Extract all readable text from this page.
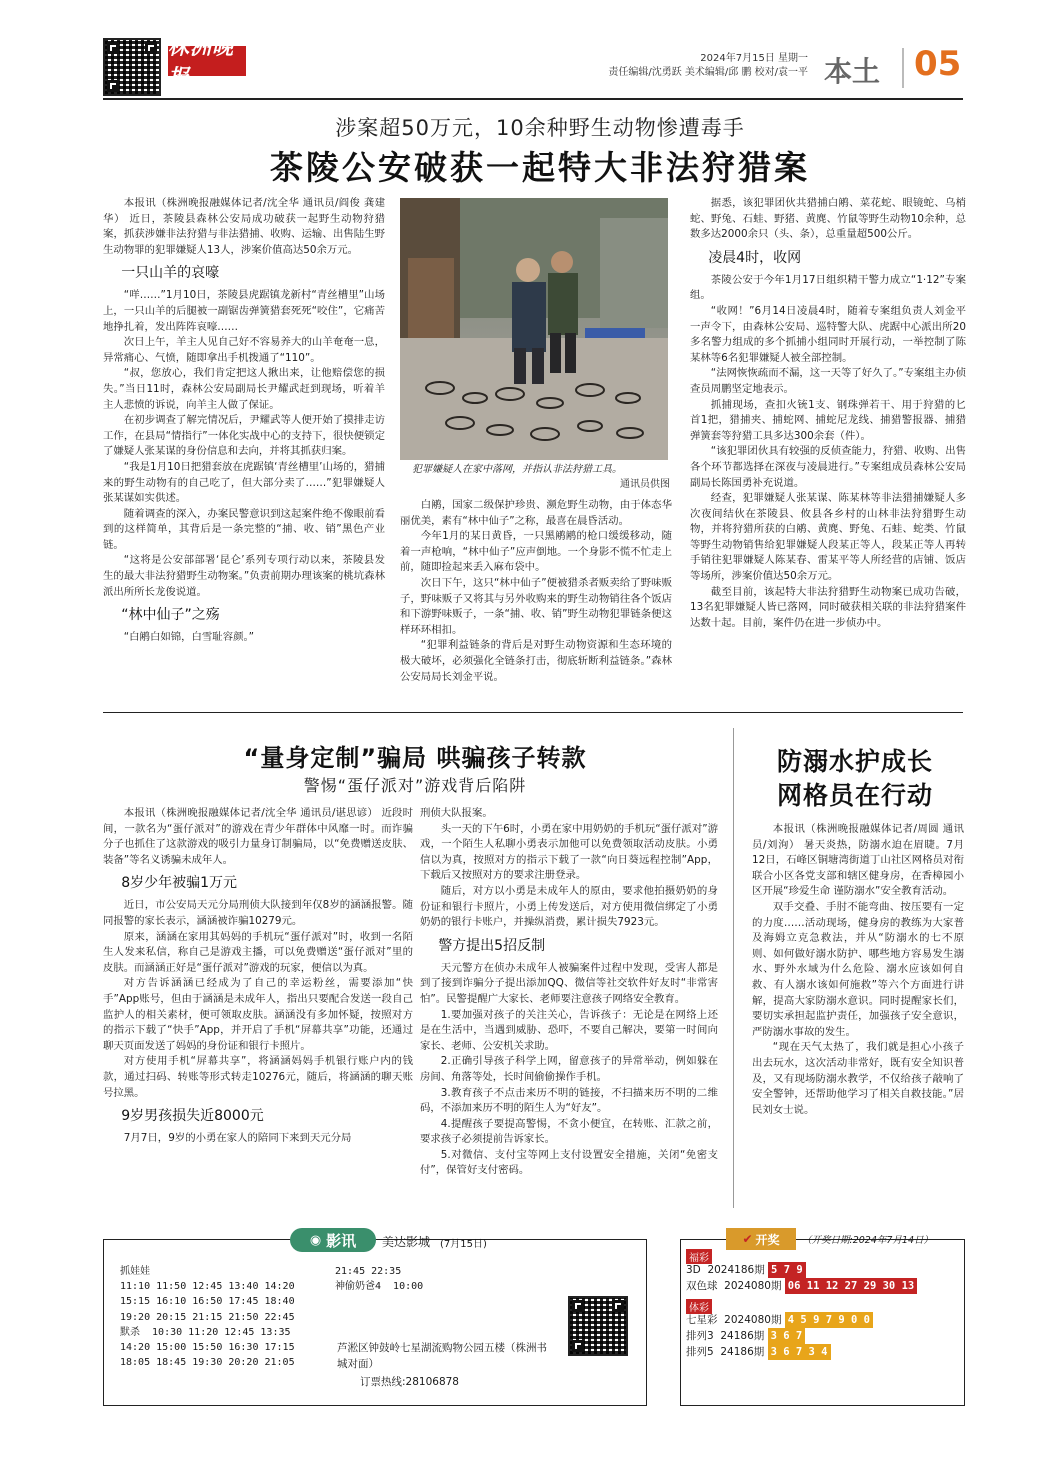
株洲晚报
2024年7月15日 星期一
责任编辑/沈勇跃 美术编辑/邱 鹏 校对/袁一平 本土 05
涉案超50万元，10余种野生动物惨遭毒手
茶陵公安破获一起特大非法狩猎案

本报讯（株洲晚报融媒体记者/沈全华 通讯员/阎俊 龚建华） 近日，茶陵县森林公安局成功破获一起野生动物狩猎案，抓获涉嫌非法狩猎与非法猎捕、收购、运输、出售陆生野生动物罪的犯罪嫌疑人13人，涉案价值高达50余万元。

一只山羊的哀嚎

“咩……”1月10日，茶陵县虎踞镇龙新村“青丝槽里”山场上，一只山羊的后腿被一副锯齿弹簧猎套死死“咬住”，它痛苦地挣扎着，发出阵阵哀嚎……

次日上午，羊主人见自己好不容易养大的山羊奄奄一息，异常痛心、气愤，随即拿出手机拨通了“110”。

“叔，您放心，我们肯定把这人揪出来，让他赔偿您的损失。”当日11时，森林公安局副局长尹耀武赶到现场，听着羊主人悲愤的诉说，向羊主人做了保证。

在初步调查了解完情况后，尹耀武等人便开始了摸排走访工作，在县局“情指行”一体化实战中心的支持下，很快便锁定了嫌疑人张某谋的身份信息和去向，并将其抓获归案。

“我是1月10日把猎套放在虎踞镇‘青丝槽里’山场的，猎捕来的野生动物有的自己吃了，但大部分卖了……”犯罪嫌疑人张某谋如实供述。

随着调查的深入，办案民警意识到这起案件绝不像眼前看到的这样简单，其背后是一条完整的“捕、收、销”黑色产业链。

“这将是公安部部署‘昆仑’系列专项行动以来，茶陵县发生的最大非法狩猎野生动物案。”负责前期办理该案的桃坑森林派出所所长龙俊说道。

“林中仙子”之殇

“白鹇白如锦，白雪耻容颜。”

犯罪嫌疑人在家中落网，并指认非法狩猎工具。
通讯员供图

白鹇，国家二级保护珍贵、濒危野生动物，由于体态华丽优美，素有“林中仙子”之称，最喜在晨昏活动。

今年1月的某日黄昏，一只黑鹇鹇的枪口缓缓移动，随着一声枪响，“林中仙子”应声倒地。一个身影不慌不忙走上前，随即捡起来丢入麻布袋中。

次日下午，这只“林中仙子”便被猎杀者贩卖给了野味贩子，野味贩子又将其与另外收购来的野生动物销往各个饭店和下游野味贩子，一条“捕、收、销”野生动物犯罪链条便这样环环相扣。

“犯罪利益链条的背后是对野生动物资源和生态环境的极大破坏，必须强化全链条打击，彻底斩断利益链条。”森林公安局局长刘金平说。

据悉，该犯罪团伙共猎捕白鹇、菜花蛇、眼镜蛇、乌梢蛇、野兔、石蛙、野猪、黄麂、竹鼠等野生动物10余种，总数多达2000余只（头、条），总重量超500公斤。

凌晨4时，收网

茶陵公安于今年1月17日组织精干警力成立“1·12”专案组。

“收网！”6月14日凌晨4时，随着专案组负责人刘金平一声令下，由森林公安局、巡特警大队、虎踞中心派出所20多名警力组成的多个抓捕小组同时开展行动，一举控制了陈某林等6名犯罪嫌疑人被全部控制。

“法网恢恢疏而不漏，这一天等了好久了。”专案组主办侦查员周鹏坚定地表示。

抓捕现场，查扣火铳1支、钢珠弹若干、用于狩猎的匕首1把，猎捕夹、捕蛇网、捕蛇尼龙线、捕猎警报器、捕猎弹簧套等狩猎工具多达300余套（件）。

“该犯罪团伙具有较强的反侦查能力，狩猎、收购、出售各个环节都选择在深夜与凌晨进行。”专案组成员森林公安局副局长陈国勇补充说道。

经查，犯罪嫌疑人张某谋、陈某林等非法猎捕嫌疑人多次夜间结伙在茶陵县、攸县各乡村的山林非法狩猎野生动物，并将狩猎所获的白鹇、黄麂、野兔、石蛙、蛇类、竹鼠等野生动物销售给犯罪嫌疑人段某正等人，段某正等人再转手销往犯罪嫌疑人陈某春、雷某平等人所经营的店铺、饭店等场所，涉案价值达50余万元。

截至目前，该起特大非法狩猎野生动物案已成功告破，13名犯罪嫌疑人皆已落网，同时破获相关联的非法狩猎案件达数十起。目前，案件仍在进一步侦办中。

“量身定制”骗局 哄骗孩子转款
警惕“蛋仔派对”游戏背后陷阱

本报讯（株洲晚报融媒体记者/沈全华 通讯员/谌思谚） 近段时间，一款名为“蛋仔派对”的游戏在青少年群体中风靡一时。而诈骗分子也抓住了这款游戏的吸引力量身订制骗局，以“免费赠送皮肤、装备”等名义诱骗未成年人。

8岁少年被骗1万元

近日，市公安局天元分局刑侦大队接到年仅8岁的涵涵报警。随同报警的家长表示，涵涵被诈骗10279元。

原来，涵涵在家用其妈妈的手机玩“蛋仔派对”时，收到一名陌生人发来私信，称自己是游戏主播，可以免费赠送“蛋仔派对”里的皮肤。而涵涵正好是“蛋仔派对”游戏的玩家，便信以为真。

对方告诉涵涵已经成为了自己的幸运粉丝，需要添加“快手”App账号，但由于涵涵是未成年人，指出只要配合发送一段自己监护人的相关素材，便可领取皮肤。涵涵没有多加怀疑，按照对方的指示下载了“快手”App，并开启了手机“屏幕共享”功能，还通过聊天页面发送了妈妈的身份证和银行卡照片。

对方使用手机“屏幕共享”，将涵涵妈妈手机银行账户内的钱款，通过扫码、转账等形式转走10276元，随后，将涵涵的聊天账号拉黑。

9岁男孩损失近8000元

7月7日，9岁的小勇在家人的陪同下来到天元分局

刑侦大队报案。

头一天的下午6时，小勇在家中用奶奶的手机玩“蛋仔派对”游戏，一个陌生人私聊小勇表示加他可以免费领取活动皮肤。小勇信以为真，按照对方的指示下载了一款“向日葵远程控制”App，下载后又按照对方的要求注册登录。

随后，对方以小勇是未成年人的原由，要求他拍摄奶奶的身份证和银行卡照片，小勇上传发送后，对方使用微信绑定了小勇奶奶的银行卡账户，并操纵消费，累计损失7923元。

警方提出5招反制

天元警方在侦办未成年人被骗案件过程中发现，受害人都是到了接到诈骗分子提出添加QQ、微信等社交软件好友时“非常害怕”。民警提醒广大家长、老师要注意孩子网络安全教育。

1.要加强对孩子的关注关心，告诉孩子：无论是在网络上还是在生活中，当遇到威胁、恐吓，不要自己解决，要第一时间向家长、老师、公安机关求助。

2.正确引导孩子科学上网，留意孩子的异常举动，例如躲在房间、角落等处，长时间偷偷操作手机。

3.教育孩子不点击来历不明的链接，不扫描来历不明的二维码，不添加来历不明的陌生人为“好友”。

4.提醒孩子要提高警惕，不贪小便宜，在转账、汇款之前，要求孩子必须提前告诉家长。

5.对微信、支付宝等网上支付设置安全措施，关闭“免密支付”，保管好支付密码。

防溺水护成长
网格员在行动

本报讯（株洲晚报融媒体记者/周圆 通讯员/刘洵） 暑天炎热，防溺水迫在眉睫。7月12日，石峰区铜塘湾街道丁山社区网格员对衔联合小区各党支部和辖区健身房，在香樟园小区开展“珍爱生命 谨防溺水”安全教育活动。

双手交叠、手肘不能弯曲、按压要有一定的力度……活动现场，健身房的教练为大家普及海姆立克急救法，并从“防溺水的七不原则、如何做好溺水防护、哪些地方容易发生溺水、野外水域为什么危险、溺水应该如何自救、有人溺水该如何施救”等六个方面进行讲解，提高大家防溺水意识。同时提醒家长们，要切实承担起监护责任，加强孩子安全意识，严防溺水事故的发生。

“现在天气太热了，我们就是担心小孩子出去玩水，这次活动非常好，既有安全知识普及，又有现场防溺水教学，不仅给孩子敲响了安全警钟，还帮助他学习了相关自救技能。”居民刘女士说。

◉ 影讯 美达影城 (7月15日)
抓娃娃
11:10 11:50 12:45 13:40 14:20
15:15 16:10 16:50 17:45 18:40
19:20 20:15 21:15 21:50 22:45
默杀  10:30 11:20 12:45 13:35
14:20 15:00 15:50 16:30 17:15
18:05 18:45 19:30 20:20 21:05
21:45 22:35
神偷奶爸4  10:00
芦淞区钟鼓岭七星湖流购物公园五楼（株洲书城对面）
订票热线:28106878
✔ 开奖 （开奖日期:2024年7月14日）
福彩
3D  2024186期 5 7 9
双色球  2024080期 06 11 12 27 29 30 13
体彩
七星彩  2024080期 4 5 9 7 9 0 0
排列3  24186期 3 6 7
排列5  24186期 3 6 7 3 4
